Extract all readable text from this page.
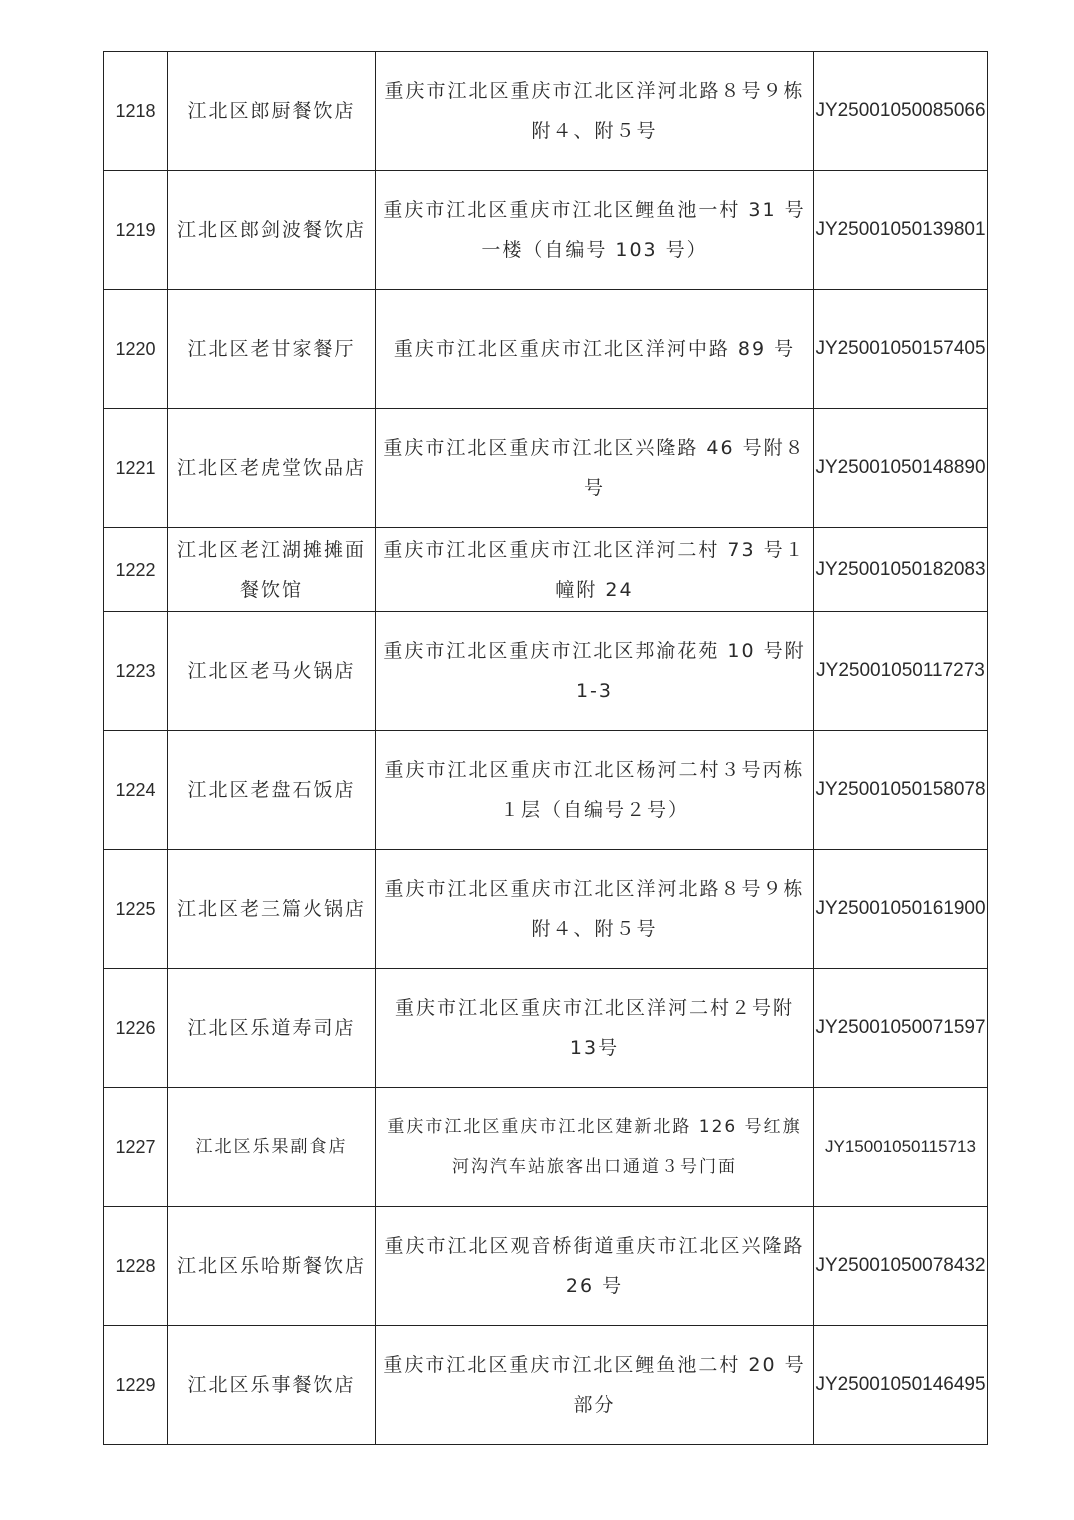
1218	江北区郎厨餐饮店	重庆市江北区重庆市江北区洋河北路８号９栋附４、附５号	JY25001050085066
1219	江北区郎剑波餐饮店	重庆市江北区重庆市江北区鲤鱼池一村 31 号一楼（自编号 103 号）	JY25001050139801
1220	江北区老甘家餐厅	重庆市江北区重庆市江北区洋河中路 89 号	JY25001050157405
1221	江北区老虎堂饮品店	重庆市江北区重庆市江北区兴隆路 46 号附８号	JY25001050148890
1222	江北区老江湖摊摊面餐饮馆	重庆市江北区重庆市江北区洋河二村 73 号１幢附 24	JY25001050182083
1223	江北区老马火锅店	重庆市江北区重庆市江北区邦渝花苑 10 号附1-3	JY25001050117273
1224	江北区老盘石饭店	重庆市江北区重庆市江北区杨河二村３号丙栋１层（自编号２号）	JY25001050158078
1225	江北区老三篇火锅店	重庆市江北区重庆市江北区洋河北路８号９栋附４、附５号	JY25001050161900
1226	江北区乐道寿司店	重庆市江北区重庆市江北区洋河二村２号附 13号	JY25001050071597
1227	江北区乐果副食店	重庆市江北区重庆市江北区建新北路 126 号红旗河沟汽车站旅客出口通道３号门面	JY15001050115713
1228	江北区乐哈斯餐饮店	重庆市江北区观音桥街道重庆市江北区兴隆路26 号	JY25001050078432
1229	江北区乐事餐饮店	重庆市江北区重庆市江北区鲤鱼池二村 20 号部分	JY25001050146495
